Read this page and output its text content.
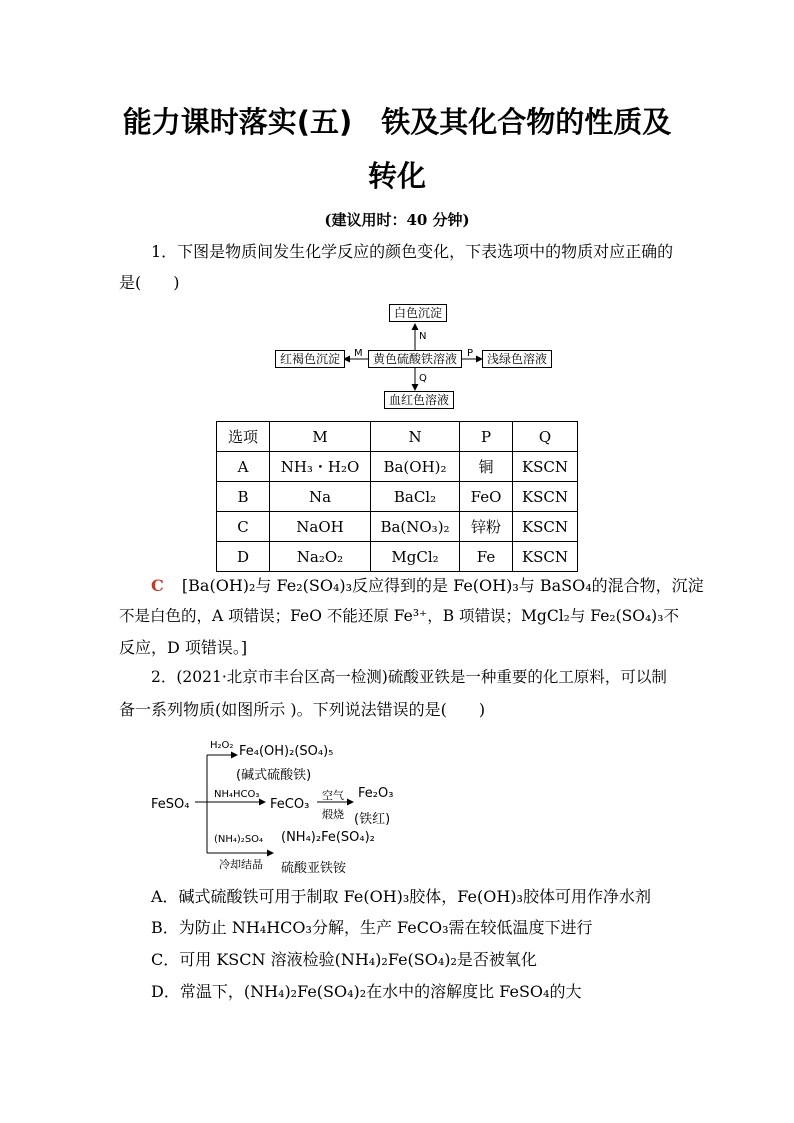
能力课时落实(五)　铁及其化合物的性质及
转化
(建议用时：40 分钟)
1．下图是物质间发生化学反应的颜色变化，下表选项中的物质对应正确的
是(　　)
白色沉淀
黄色硫酸铁溶液
红褐色沉淀	浅绿色溶液
血红色溶液
N
M	P
Q
选项	M	N	P	Q
A	NH₃・H₂O	Ba(OH)₂	铜	KSCN
B	Na	BaCl₂	FeO	KSCN
C	NaOH	Ba(NO₃)₂	锌粉	KSCN
D	Na₂O₂	MgCl₂	Fe	KSCN
C [Ba(OH)₂与 Fe₂(SO₄)₃反应得到的是 Fe(OH)₃与 BaSO₄的混合物，沉淀
不是白色的，A 项错误；FeO 不能还原 Fe³⁺，B 项错误；MgCl₂与 Fe₂(SO₄)₃不
反应，D 项错误。]
2．(2021·北京市丰台区高一检测)硫酸亚铁是一种重要的化工原料，可以制
备一系列物质(如图所示 )。下列说法错误的是(　　)
FeSO₄
H₂O₂ Fe₄(OH)₂(SO₄)₅
(碱式硫酸铁)
NH₄HCO₃
FeCO₃
空气
煅烧
Fe₂O₃
(铁红)
(NH₄)₂SO₄
冷却结晶
(NH₄)₂Fe(SO₄)₂
硫酸亚铁铵
A．碱式硫酸铁可用于制取 Fe(OH)₃胶体，Fe(OH)₃胶体可用作净水剂
B．为防止 NH₄HCO₃分解，生产 FeCO₃需在较低温度下进行
C．可用 KSCN 溶液检验(NH₄)₂Fe(SO₄)₂是否被氧化
D．常温下，(NH₄)₂Fe(SO₄)₂在水中的溶解度比 FeSO₄的大
